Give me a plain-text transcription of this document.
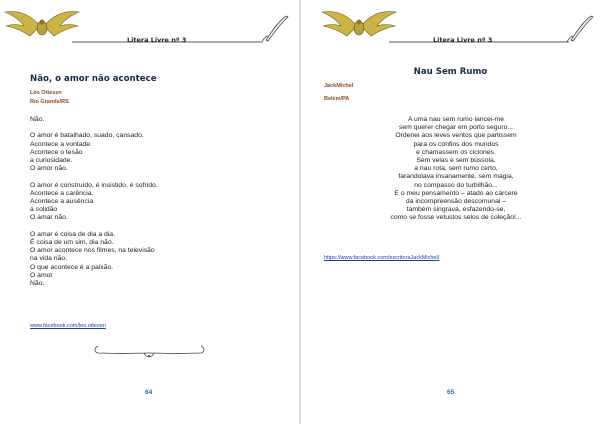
Litera Livre nº 3
Não, o amor não acontece
Léo Ottesen
Rio Grande/RS
Não.
O amor é batalhado, suado, cansado.
Acontece a vontade.
Acontece o tesão
a curiosidade.
O amor não.
O amor é construído, é insistido, é sofrido.
Acontece a carência.
Acontece a ausência
a solidão
O amar não.
O amar é coisa de dia a dia.
É coisa de um sim, dia não.
O amor acontece nos filmes, na televisão
na vida não.
O que acontece é a paixão.
O amor
Não.
www.facebook.com/leo.ottesen
64
Litera Livre nº 3
Nau Sem Rumo
JackMichel
Belém/PA
A uma nau sem rumo lancei-me
sem querer chegar em porto seguro...
Ordenei aos leves ventos que partissem
para os confins dos mundos
e chamassem os ciclones.
Sem velas e sem bússola,
a nau rota, sem rumo certo,
farandolava insanamente, sem magia,
no compasso do turbilhão...
E o meu pensamento – atado ao cárcere
da incompreensão descomunal –
também singrava, esfazendo-se,
como se fosse vetustos selos de coleção!...
https://www.facebook.com/escritoraJackMichel/
65
